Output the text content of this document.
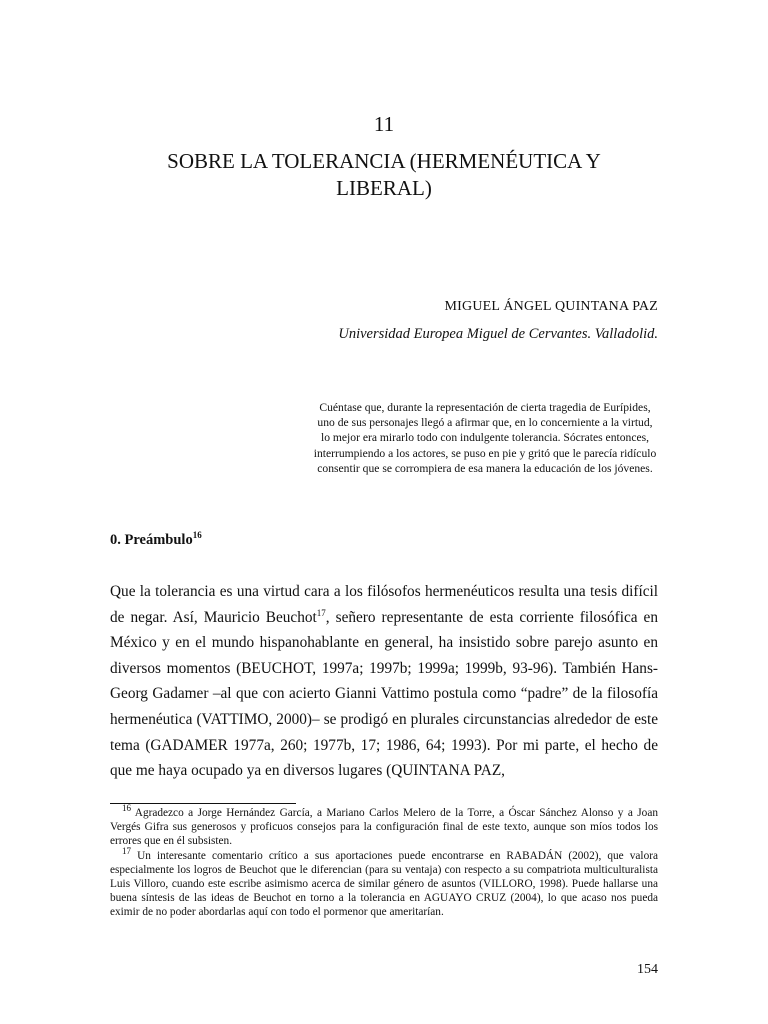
11
SOBRE LA TOLERANCIA (HERMENÉUTICA Y LIBERAL)
MIGUEL ÁNGEL QUINTANA PAZ
Universidad Europea Miguel de Cervantes. Valladolid.
Cuéntase que, durante la representación de cierta tragedia de Eurípides, uno de sus personajes llegó a afirmar que, en lo concerniente a la virtud, lo mejor era mirarlo todo con indulgente tolerancia. Sócrates entonces, interrumpiendo a los actores, se puso en pie y gritó que le parecía ridículo consentir que se corrompiera de esa manera la educación de los jóvenes.
0. Preámbulo$^{16}$
Que la tolerancia es una virtud cara a los filósofos hermenéuticos resulta una tesis difícil de negar. Así, Mauricio Beuchot$^{17}$, señero representante de esta corriente filosófica en México y en el mundo hispanohablante en general, ha insistido sobre parejo asunto en diversos momentos (BEUCHOT, 1997a; 1997b; 1999a; 1999b, 93-96). También Hans-Georg Gadamer –al que con acierto Gianni Vattimo postula como “padre” de la filosofía hermenéutica (VATTIMO, 2000)– se prodigó en plurales circunstancias alrededor de este tema (GADAMER 1977a, 260; 1977b, 17; 1986, 64; 1993). Por mi parte, el hecho de que me haya ocupado ya en diversos lugares (QUINTANA PAZ,

$^{16}$ Agradezco a Jorge Hernández García, a Mariano Carlos Melero de la Torre, a Óscar Sánchez Alonso y a Joan Vergés Gifra sus generosos y proficuos consejos para la configuración final de este texto, aunque son míos todos los errores que en él subsisten.

$^{17}$ Un interesante comentario crítico a sus aportaciones puede encontrarse en RABADÁN (2002), que valora especialmente los logros de Beuchot que le diferencian (para su ventaja) con respecto a su compatriota multiculturalista Luis Villoro, cuando este escribe asimismo acerca de similar género de asuntos (VILLORO, 1998). Puede hallarse una buena síntesis de las ideas de Beuchot en torno a la tolerancia en AGUAYO CRUZ (2004), lo que acaso nos pueda eximir de no poder abordarlas aquí con todo el pormenor que ameritarían.

154
